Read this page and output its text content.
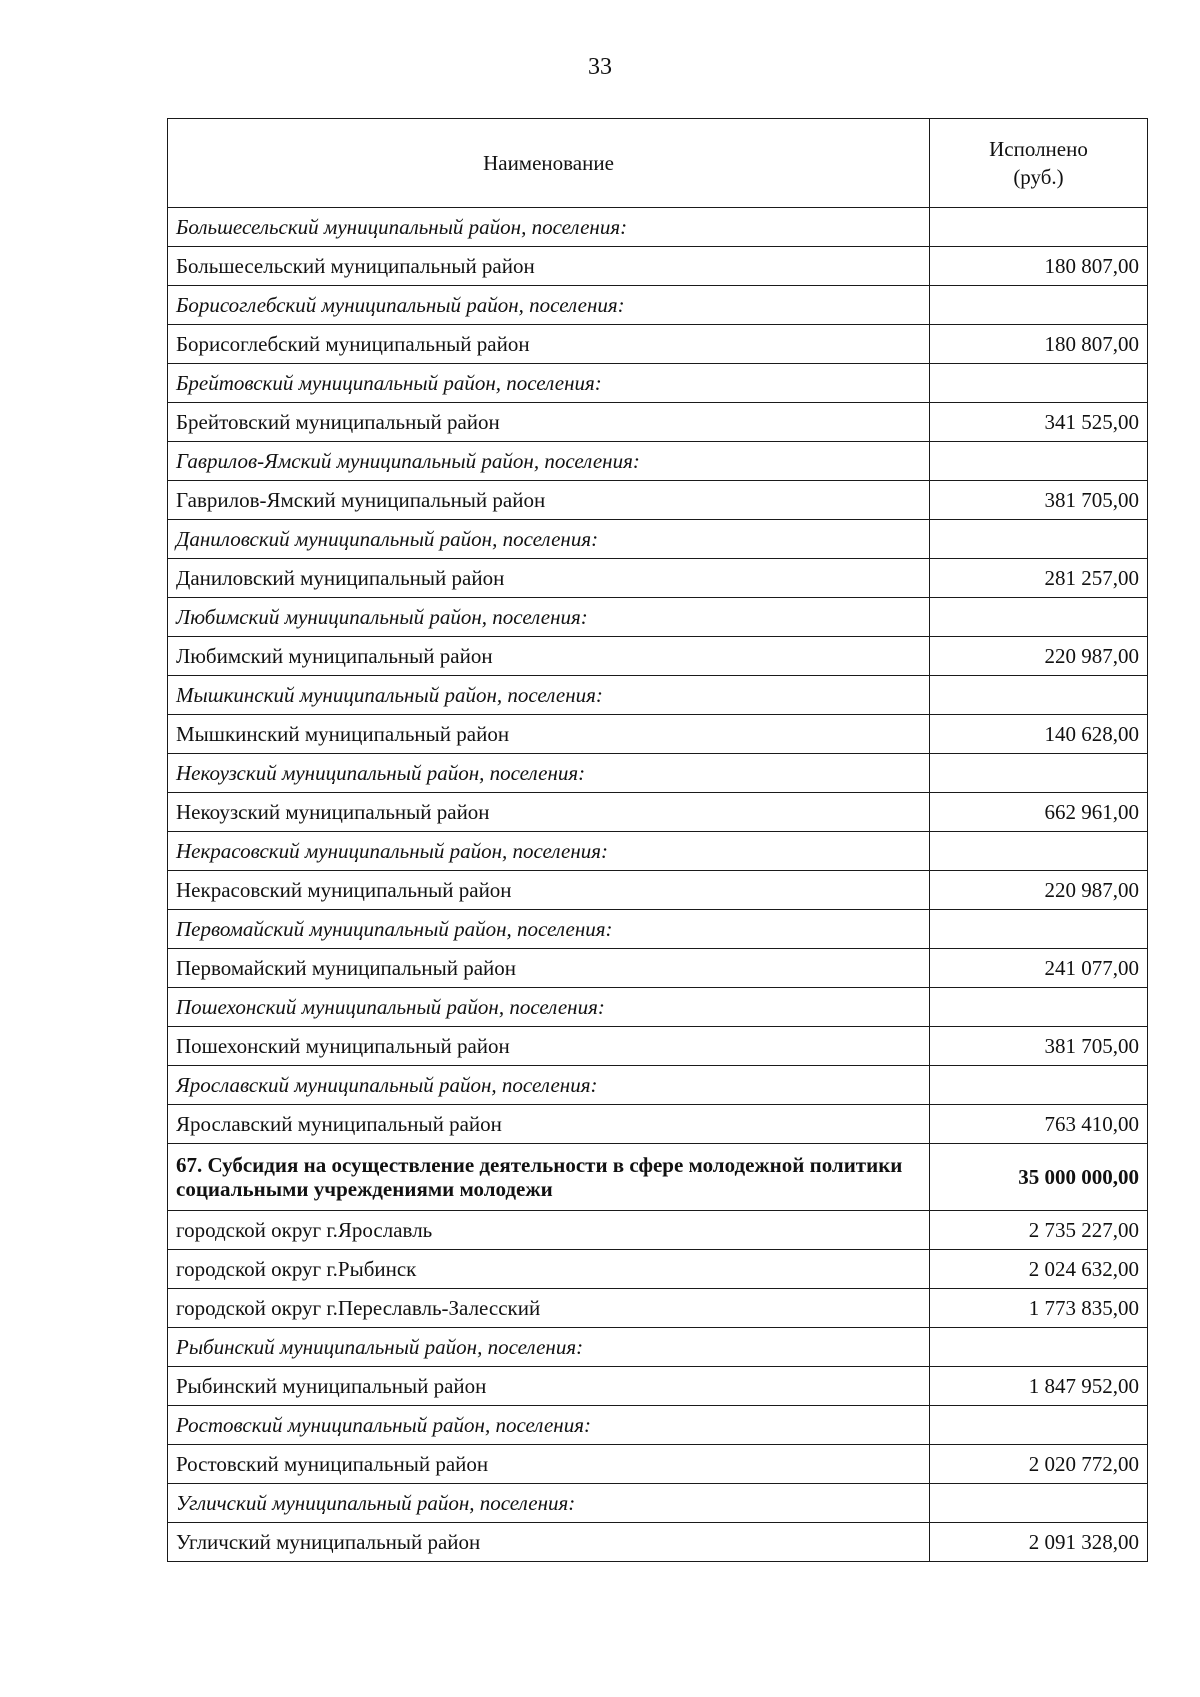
33
Наименование	Исполнено
(руб.)
Большесельский муниципальный район, поселения:	
Большесельский муниципальный район	180 807,00
Борисоглебский муниципальный район, поселения:	
Борисоглебский муниципальный район	180 807,00
Брейтовский муниципальный район, поселения:	
Брейтовский муниципальный район	341 525,00
Гаврилов-Ямский муниципальный район, поселения:	
Гаврилов-Ямский муниципальный район	381 705,00
Даниловский муниципальный район, поселения:	
Даниловский муниципальный район	281 257,00
Любимский муниципальный район, поселения:	
Любимский муниципальный район	220 987,00
Мышкинский муниципальный район, поселения:	
Мышкинский муниципальный район	140 628,00
Некоузский муниципальный район, поселения:	
Некоузский муниципальный район	662 961,00
Некрасовский муниципальный район, поселения:	
Некрасовский муниципальный район	220 987,00
Первомайский муниципальный район, поселения:	
Первомайский муниципальный район	241 077,00
Пошехонский муниципальный район, поселения:	
Пошехонский муниципальный район	381 705,00
Ярославский муниципальный район, поселения:	
Ярославский муниципальный район	763 410,00
67. Субсидия на осуществление деятельности в сфере молодежной политики социальными учреждениями молодежи	35 000 000,00
городской округ г.Ярославль	2 735 227,00
городской округ г.Рыбинск	2 024 632,00
городской округ г.Переславль-Залесский	1 773 835,00
Рыбинский муниципальный район, поселения:	
Рыбинский муниципальный район	1 847 952,00
Ростовский муниципальный район, поселения:	
Ростовский муниципальный район	2 020 772,00
Угличский муниципальный район, поселения:	
Угличский муниципальный район	2 091 328,00
